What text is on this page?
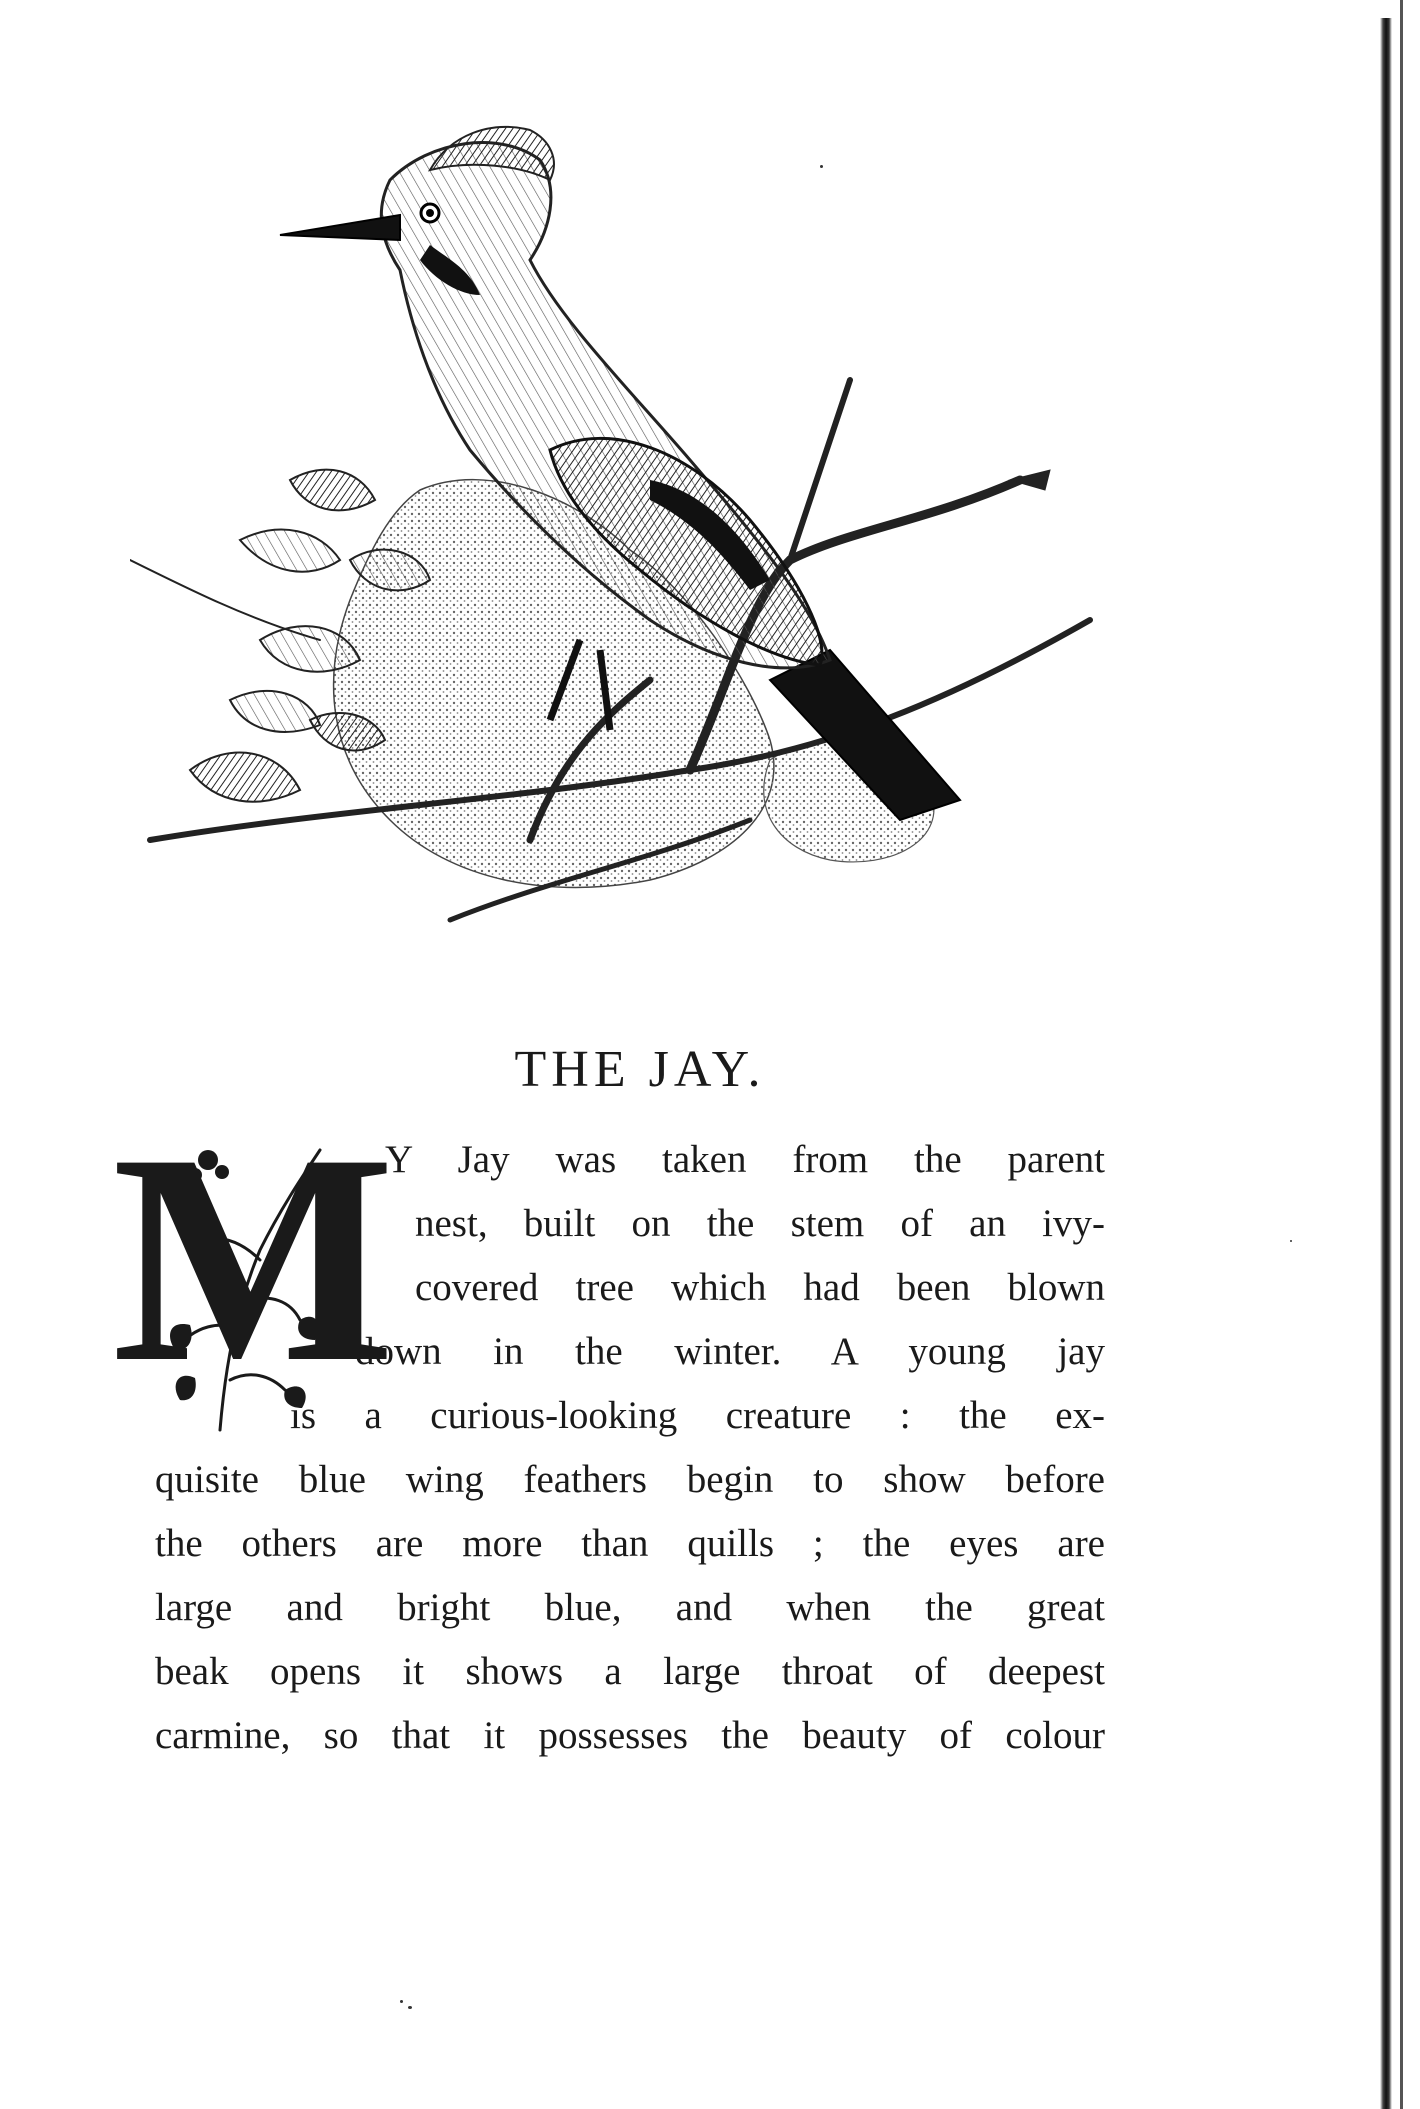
THE JAY.
M
Y Jay was taken from the parent
nest, built on the stem of an ivy-
covered tree which had been blown
down in the winter. A young jay
is a curious-looking creature : the ex-
quisite blue wing feathers begin to show before
the others are more than quills ; the eyes are
large and bright blue, and when the great
beak opens it shows a large throat of deepest
carmine, so that it possesses the beauty of colour
